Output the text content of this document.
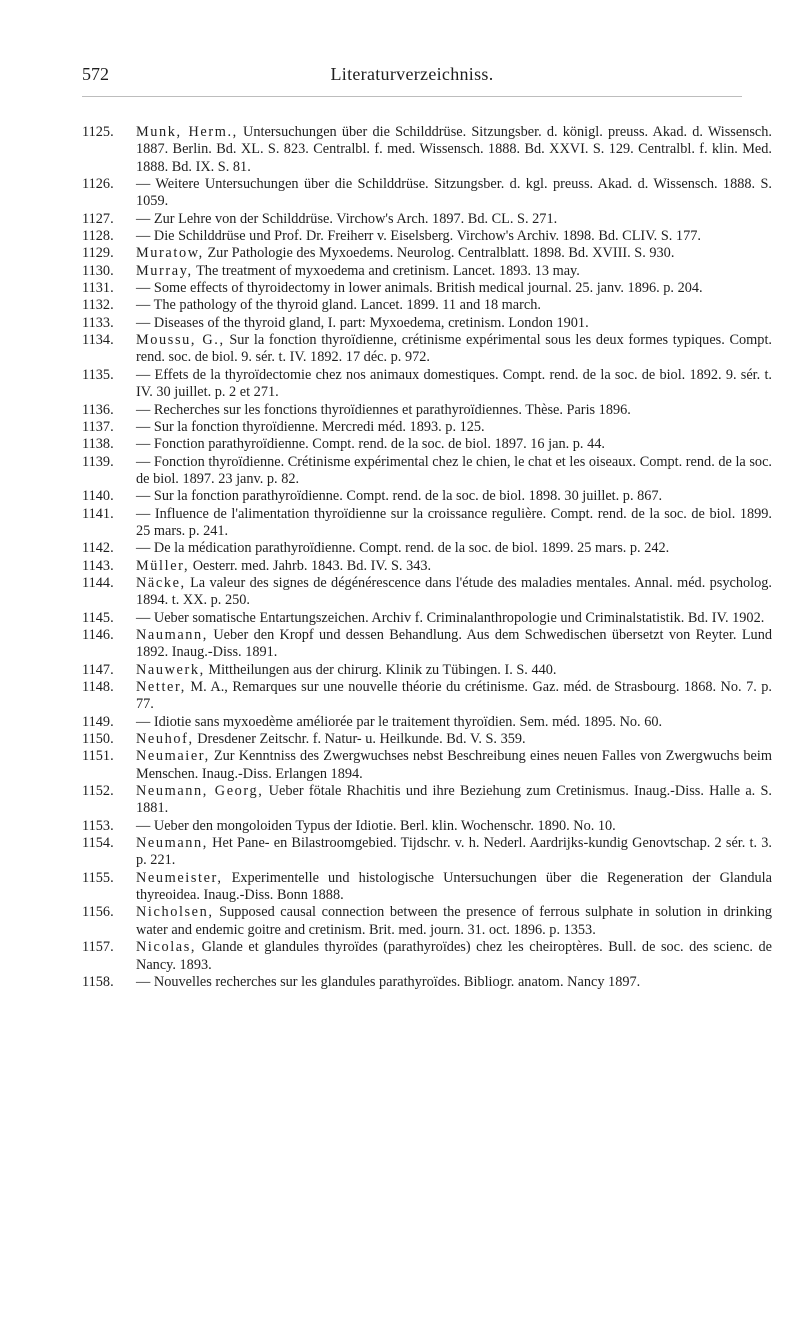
572	Literaturverzeichniss.

1125. Munk, Herm., Untersuchungen über die Schilddrüse. Sitzungsber. d. königl. preuss. Akad. d. Wissensch. 1887. Berlin. Bd. XL. S. 823. Centralbl. f. med. Wissensch. 1888. Bd. XXVI. S. 129. Centralbl. f. klin. Med. 1888. Bd. IX. S. 81.

1126. — Weitere Untersuchungen über die Schilddrüse. Sitzungsber. d. kgl. preuss. Akad. d. Wissensch. 1888. S. 1059.

1127. — Zur Lehre von der Schilddrüse. Virchow's Arch. 1897. Bd. CL. S. 271.

1128. — Die Schilddrüse und Prof. Dr. Freiherr v. Eiselsberg. Virchow's Archiv. 1898. Bd. CLIV. S. 177.

1129. Muratow, Zur Pathologie des Myxoedems. Neurolog. Centralblatt. 1898. Bd. XVIII. S. 930.

1130. Murray, The treatment of myxoedema and cretinism. Lancet. 1893. 13 may.

1131. — Some effects of thyroidectomy in lower animals. British medical journal. 25. janv. 1896. p. 204.

1132. — The pathology of the thyroid gland. Lancet. 1899. 11 and 18 march.

1133. — Diseases of the thyroid gland, I. part: Myxoedema, cretinism. London 1901.

1134. Moussu, G., Sur la fonction thyroïdienne, crétinisme expérimental sous les deux formes typiques. Compt. rend. soc. de biol. 9. sér. t. IV. 1892. 17 déc. p. 972.

1135. — Effets de la thyroïdectomie chez nos animaux domestiques. Compt. rend. de la soc. de biol. 1892. 9. sér. t. IV. 30 juillet. p. 2 et 271.

1136. — Recherches sur les fonctions thyroïdiennes et parathyroïdiennes. Thèse. Paris 1896.

1137. — Sur la fonction thyroïdienne. Mercredi méd. 1893. p. 125.

1138. — Fonction parathyroïdienne. Compt. rend. de la soc. de biol. 1897. 16 jan. p. 44.

1139. — Fonction thyroïdienne. Crétinisme expérimental chez le chien, le chat et les oiseaux. Compt. rend. de la soc. de biol. 1897. 23 janv. p. 82.

1140. — Sur la fonction parathyroïdienne. Compt. rend. de la soc. de biol. 1898. 30 juillet. p. 867.

1141. — Influence de l'alimentation thyroïdienne sur la croissance regulière. Compt. rend. de la soc. de biol. 1899. 25 mars. p. 241.

1142. — De la médication parathyroïdienne. Compt. rend. de la soc. de biol. 1899. 25 mars. p. 242.

1143. Müller, Oesterr. med. Jahrb. 1843. Bd. IV. S. 343.

1144. Näcke, La valeur des signes de dégénérescence dans l'étude des maladies mentales. Annal. méd. psycholog. 1894. t. XX. p. 250.

1145. — Ueber somatische Entartungszeichen. Archiv f. Criminalanthropologie und Criminalstatistik. Bd. IV. 1902.

1146. Naumann, Ueber den Kropf und dessen Behandlung. Aus dem Schwedischen übersetzt von Reyter. Lund 1892. Inaug.-Diss. 1891.

1147. Nauwerk, Mittheilungen aus der chirurg. Klinik zu Tübingen. I. S. 440.

1148. Netter, M. A., Remarques sur une nouvelle théorie du crétinisme. Gaz. méd. de Strasbourg. 1868. No. 7. p. 77.

1149. — Idiotie sans myxoedème améliorée par le traitement thyroïdien. Sem. méd. 1895. No. 60.

1150. Neuhof, Dresdener Zeitschr. f. Natur- u. Heilkunde. Bd. V. S. 359.

1151. Neumaier, Zur Kenntniss des Zwergwuchses nebst Beschreibung eines neuen Falles von Zwergwuchs beim Menschen. Inaug.-Diss. Erlangen 1894.

1152. Neumann, Georg, Ueber fötale Rhachitis und ihre Beziehung zum Cretinismus. Inaug.-Diss. Halle a. S. 1881.

1153. — Ueber den mongoloiden Typus der Idiotie. Berl. klin. Wochenschr. 1890. No. 10.

1154. Neumann, Het Pane- en Bilastroomgebied. Tijdschr. v. h. Nederl. Aardrijks-kundig Genovtschap. 2 sér. t. 3. p. 221.

1155. Neumeister, Experimentelle und histologische Untersuchungen über die Regeneration der Glandula thyreoidea. Inaug.-Diss. Bonn 1888.

1156. Nicholsen, Supposed causal connection between the presence of ferrous sulphate in solution in drinking water and endemic goitre and cretinism. Brit. med. journ. 31. oct. 1896. p. 1353.

1157. Nicolas, Glande et glandules thyroïdes (parathyroïdes) chez les cheiroptères. Bull. de soc. des scienc. de Nancy. 1893.

1158. — Nouvelles recherches sur les glandules parathyroïdes. Bibliogr. anatom. Nancy 1897.
